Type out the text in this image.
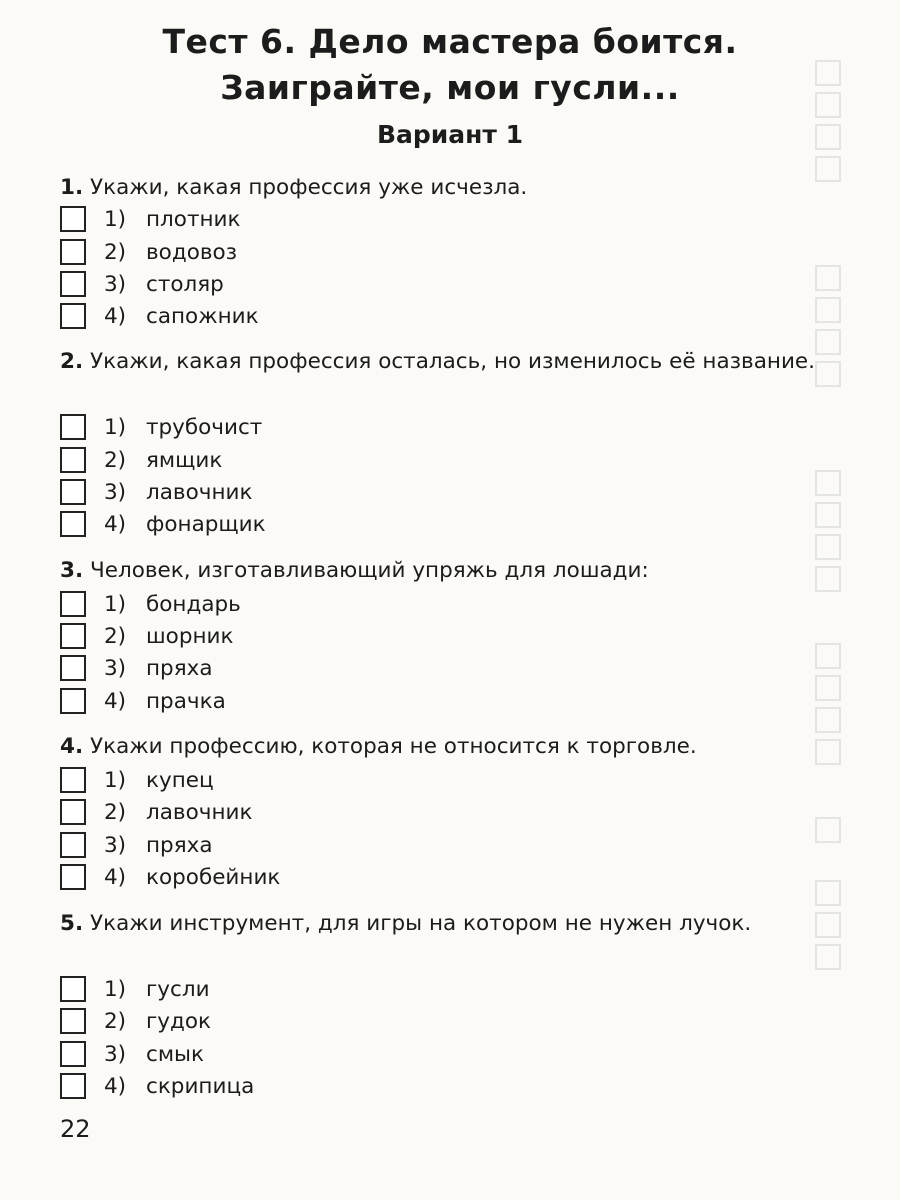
Тест 6. Дело мастера боится.
Заиграйте, мои гусли...
Вариант 1
1. Укажи, какая профессия уже исчезла.
1) плотник
2) водовоз
3) столяр
4) сапожник
2. Укажи, какая профессия осталась, но изменилось её название.
1) трубочист
2) ямщик
3) лавочник
4) фонарщик
3. Человек, изготавливающий упряжь для лошади:
1) бондарь
2) шорник
3) пряха
4) прачка
4. Укажи профессию, которая не относится к торговле.
1) купец
2) лавочник
3) пряха
4) коробейник
5. Укажи инструмент, для игры на котором не нужен лучок.
1) гусли
2) гудок
3) смык
4) скрипица
22
